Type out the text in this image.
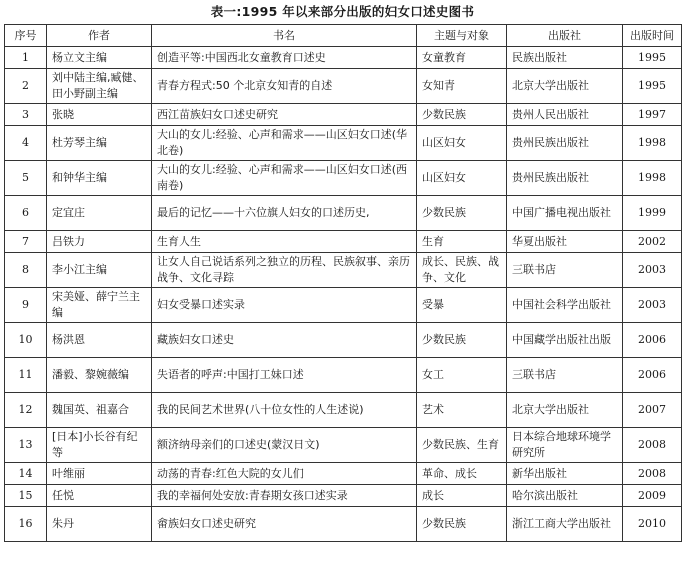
表一:1995 年以来部分出版的妇女口述史图书
序号	作者	书名	主题与对象	出版社	出版时间
1	杨立文主编	创造平等:中国西北女童教育口述史	女童教育	民族出版社	1995
2	刘中陆主编,臧健、田小野副主编	青春方程式:50 个北京女知青的自述	女知青	北京大学出版社	1995
3	张晓	西江苗族妇女口述史研究	少数民族	贵州人民出版社	1997
4	杜芳琴主编	大山的女儿:经验、心声和需求——山区妇女口述(华北卷)	山区妇女	贵州民族出版社	1998
5	和钟华主编	大山的女儿:经验、心声和需求——山区妇女口述(西南卷)	山区妇女	贵州民族出版社	1998
6	定宜庄	最后的记忆——十六位旗人妇女的口述历史,	少数民族	中国广播电视出版社	1999
7	吕铁力	生育人生	生育	华夏出版社	2002
8	李小江主编	让女人自己说话系列之独立的历程、民族叙事、亲历战争、文化寻踪	成长、民族、战争、文化	三联书店	2003
9	宋美娅、薛宁兰主编	妇女受暴口述实录	受暴	中国社会科学出版社	2003
10	杨洪恩	藏族妇女口述史	少数民族	中国藏学出版社出版	2006
11	潘毅、黎婉薇编	失语者的呼声:中国打工妹口述	女工	三联书店	2006
12	魏国英、祖嘉合	我的民间艺术世界(八十位女性的人生述说)	艺术	北京大学出版社	2007
13	[日本]小长谷有纪等	额济纳母亲们的口述史(蒙汉日文)	少数民族、生育	日本综合地球环境学研究所	2008
14	叶维丽	动荡的青春:红色大院的女儿们	革命、成长	新华出版社	2008
15	任悦	我的幸福何处安放:青春期女孩口述实录	成长	哈尔滨出版社	2009
16	朱丹	畲族妇女口述史研究	少数民族	浙江工商大学出版社	2010
